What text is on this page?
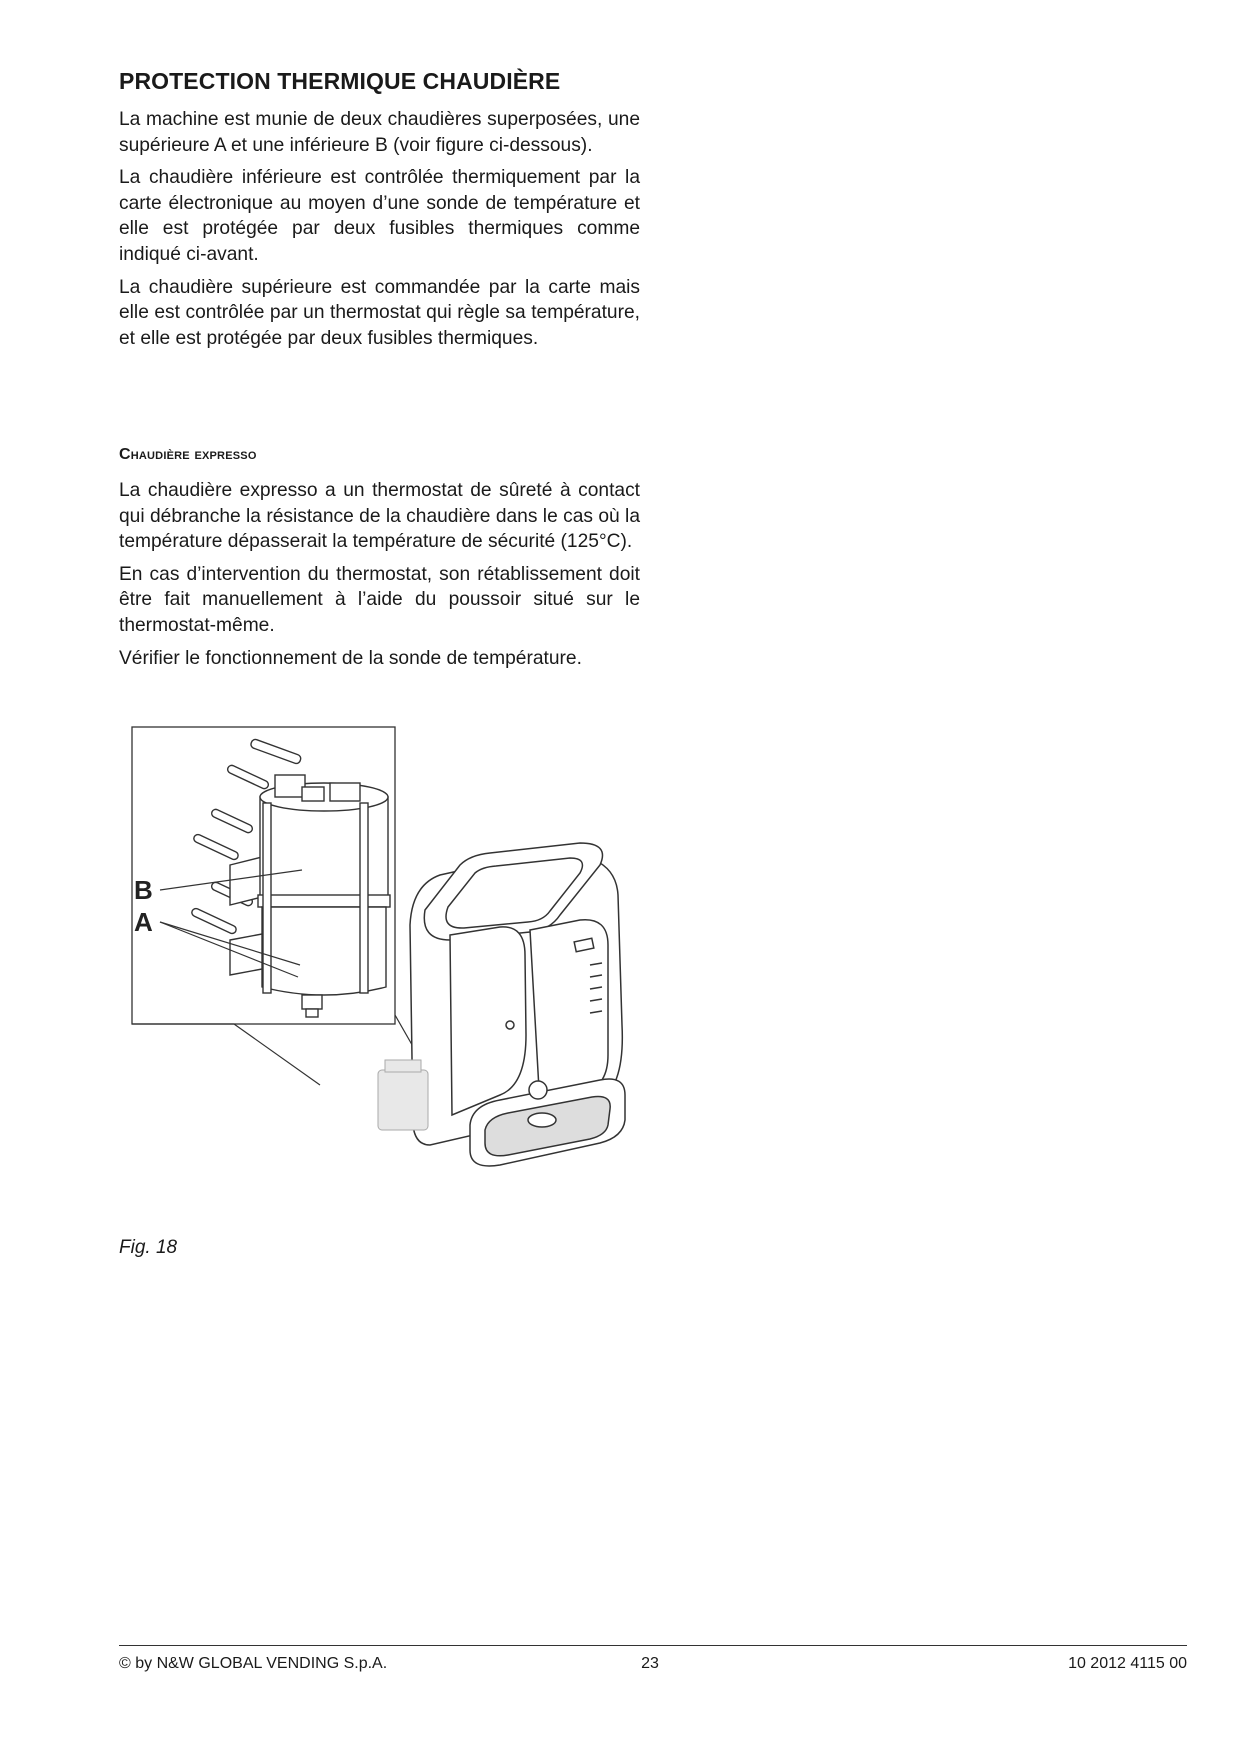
PROTECTION THERMIQUE CHAUDIÈRE

La machine est munie de deux chaudières superposées, une supérieure A et une inférieure B (voir figure ci-dessous).

La chaudière inférieure est contrôlée thermiquement par la carte électronique au moyen d’une sonde de température et elle est protégée par deux fusibles thermiques comme indiqué ci-avant.

La chaudière supérieure est commandée par la carte mais elle est contrôlée par un thermostat qui règle sa température, et elle est protégée par deux fusibles thermiques.

Chaudière expresso

La chaudière expresso a un thermostat de sûreté à contact qui débranche la résistance de la chaudière dans le cas où la température dépasserait la température de sécurité (125°C).

En cas d’intervention du thermostat, son rétablissement doit être fait manuellement à l’aide du poussoir situé sur le thermostat-même.

Vérifier le fonctionnement de la sonde de température.

B
A

Fig. 18

© by N&W GLOBAL VENDING S.p.A.	23	10 2012 4115 00
